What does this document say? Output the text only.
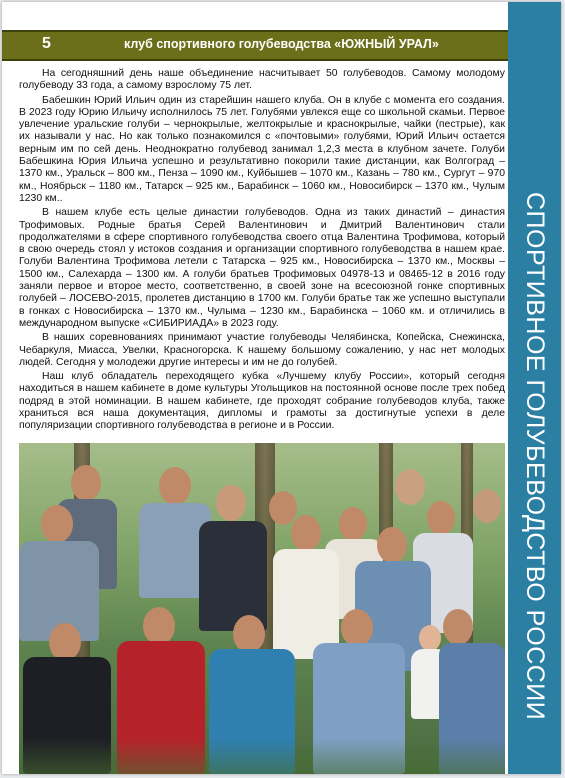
5	клуб спортивного голубеводства «ЮЖНЫЙ УРАЛ»
СПОРТИВНОЕ ГОЛУБЕВОДСТВО РОССИИ

На сегодняшний день наше объединение насчитывает 50 голубеводов. Самому молодому голубеводу 33 года, а самому взрослому 75 лет.

Бабешкин Юрий Ильич один из старейшин нашего клуба. Он в клубе с момента его создания. В 2023 году Юрию Ильичу исполнилось 75 лет. Голубями увлекся еще со школьной скамьи. Первое увлечение уральские голуби – чернокрылые, желтокрылые и краснокрылые, чайки (пестрые), как их называли у нас. Но как только познакомился с «почтовыми» голубями, Юрий Ильич остается верным им по сей день. Неоднократно голубевод занимал 1,2,3 места в клубном зачете. Голуби Бабешкина Юрия Ильича успешно и результативно покорили такие дистанции, как Волгоград – 1370 км., Уральск – 800 км., Пенза – 1090 км., Куйбышев – 1070 км., Казань – 780 км., Сургут – 970 км., Ноябрьск – 1180 км., Татарск – 925 км., Барабинск – 1060 км., Новосибирск – 1370 км., Чулым 1230 км..

В нашем клубе есть целые династии голубеводов. Одна из таких династий – династия Трофимовых. Родные братья Серей Валентинович и Дмитрий Валентинович стали продолжателями в сфере спортивного голубеводства своего отца Валентина Трофимова, который в свою очередь стоял у истоков создания и организации спортивного голубеводства в нашем крае. Голуби Валентина Трофимова летели с Татарска – 925 км., Новосибирска – 1370 км., Москвы – 1500 км., Салехарда – 1300 км. А голуби братьев Трофимовых 04978-13 и 08465-12 в 2016 году заняли первое и второе место, соответственно, в своей зоне на всесоюзной гонке спортивных голубей – ЛОСЕВО-2015, пролетев дистанцию в 1700 км. Голуби братье так же успешно выступали в гонках с Новосибирска – 1370 км., Чулыма – 1230 км., Барабинска – 1060 км. и отличились в международном выпуске «СИБИРИАДА» в 2023 году.

В наших соревнованиях принимают участие голубеводы Челябинска, Копейска, Снежинска, Чебаркуля, Миасса, Увелки, Красногорска. К нашему большому сожалению, у нас нет молодых людей. Сегодня у молодежи другие интересы и им не до голубей.

Наш клуб обладатель переходящего кубка «Лучшему клубу России», который сегодня находиться в нашем кабинете в доме культуры Угольщиков на постоянной основе после трех побед подряд в этой номинации. В нашем кабинете, где проходят собрание голубеводов клуба, также храниться вся наша документация, дипломы и грамоты за достигнутые успехи в деле популяризации спортивного голубеводства в регионе и в России.
